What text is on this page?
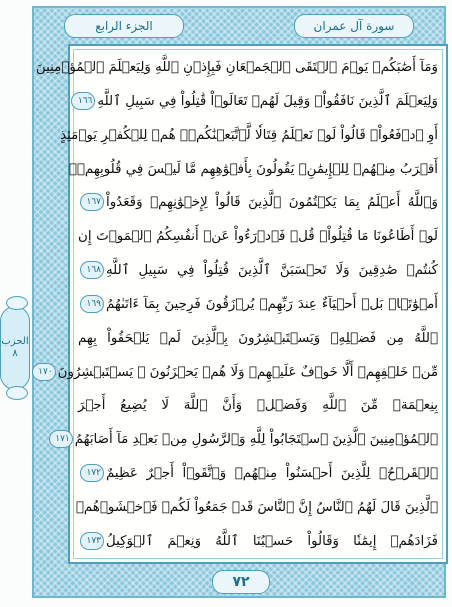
الجزء الرابع	سورة آل عمران
وَمَآ أَصَٰبَكُمۡ يَوۡمَ ٱلۡتَقَى ٱلۡجَمۡعَانِ فَبِإِذۡنِ ٱللَّهِ وَلِيَعۡلَمَ ٱلۡمُؤۡمِنِينَ
وَلِيَعۡلَمَ ٱلَّذِينَ نَافَقُواْۚ وَقِيلَ لَهُمۡ تَعَالَوۡاْ قَٰتِلُواْ فِي سَبِيلِ ٱللَّهِ١٦٦
أَوِ ٱدۡفَعُواْۖ قَالُواْ لَوۡ نَعۡلَمُ قِتَالٗا لَّٱتَّبَعۡنَٰكُمۡۗ هُمۡ لِلۡكُفۡرِ يَوۡمَئِذٍ
أَقۡرَبُ مِنۡهُمۡ لِلۡإِيمَٰنِۚ يَقُولُونَ بِأَفۡوَٰهِهِم مَّا لَيۡسَ فِي قُلُوبِهِمۡۚ
وَٱللَّهُ أَعۡلَمُ بِمَا يَكۡتُمُونَ ٱلَّذِينَ قَالُواْ لِإِخۡوَٰنِهِمۡ وَقَعَدُواْ١٦٧
لَوۡ أَطَاعُونَا مَا قُتِلُواْۗ قُلۡ فَٱدۡرَءُواْ عَنۡ أَنفُسِكُمُ ٱلۡمَوۡتَ إِن
كُنتُمۡ صَٰدِقِينَ وَلَا تَحۡسَبَنَّ ٱلَّذِينَ قُتِلُواْ فِي سَبِيلِ ٱللَّهِ١٦٨
أَمۡوَٰتَۢاۚ بَلۡ أَحۡيَآءٌ عِندَ رَبِّهِمۡ يُرۡزَقُونَ فَرِحِينَ بِمَآ ءَاتَىٰهُمُ١٦٩
ٱللَّهُ مِن فَضۡلِهِۦ وَيَسۡتَبۡشِرُونَ بِٱلَّذِينَ لَمۡ يَلۡحَقُواْ بِهِم
مِّنۡ خَلۡفِهِمۡ أَلَّا خَوۡفٌ عَلَيۡهِمۡ وَلَا هُمۡ يَحۡزَنُونَ ۞ يَسۡتَبۡشِرُونَ١٧٠
بِنِعۡمَةٖ مِّنَ ٱللَّهِ وَفَضۡلٖ وَأَنَّ ٱللَّهَ لَا يُضِيعُ أَجۡرَ
ٱلۡمُؤۡمِنِينَ ٱلَّذِينَ ٱسۡتَجَابُواْ لِلَّهِ وَٱلرَّسُولِ مِنۢ بَعۡدِ مَآ أَصَابَهُمُ١٧١
ٱلۡقَرۡحُۚ لِلَّذِينَ أَحۡسَنُواْ مِنۡهُمۡ وَٱتَّقَوۡاْ أَجۡرٌ عَظِيمٌ١٧٢
ٱلَّذِينَ قَالَ لَهُمُ ٱلنَّاسُ إِنَّ ٱلنَّاسَ قَدۡ جَمَعُواْ لَكُمۡ فَٱخۡشَوۡهُمۡ
فَزَادَهُمۡ إِيمَٰنٗا وَقَالُواْ حَسۡبُنَا ٱللَّهُ وَنِعۡمَ ٱلۡوَكِيلُ١٧٣
٧٢
الحزب
٨
